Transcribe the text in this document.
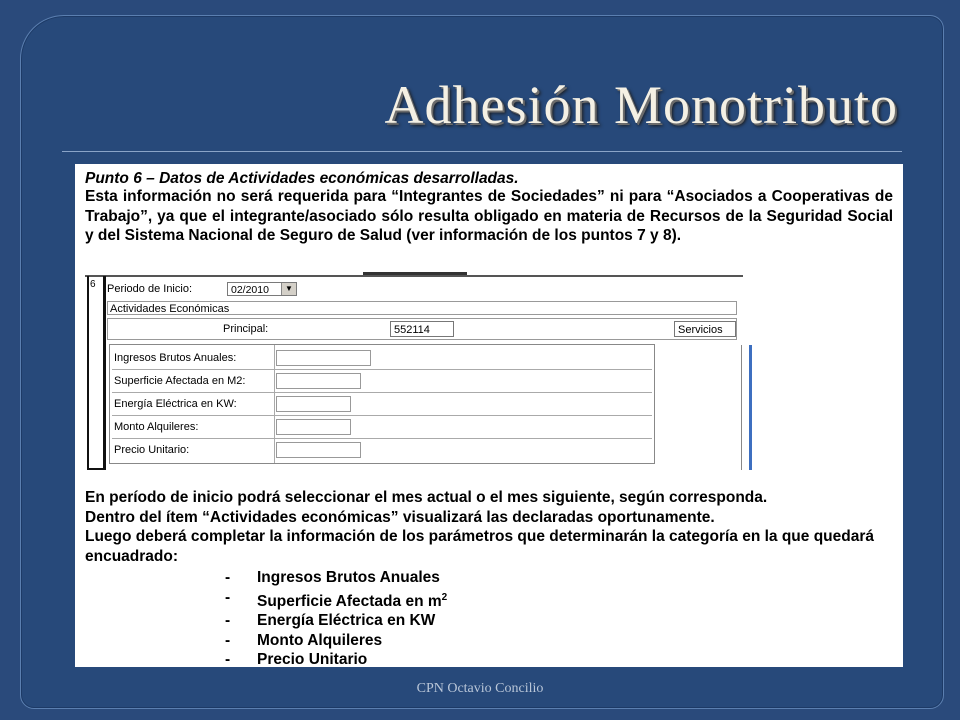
Adhesión Monotributo
Punto 6 – Datos de Actividades económicas desarrolladas.
Esta información no será requerida para “Integrantes de Sociedades” ni para “Asociados a Cooperativas de Trabajo”, ya que el integrante/asociado sólo resulta obligado en materia de Recursos de la Seguridad Social y del Sistema Nacional de Seguro de Salud (ver información de los puntos 7 y 8).
6 Periodo de Inicio:	02/2010	▼
Actividades Económicas
Principal:	552114	Servicios
Ingresos Brutos Anuales:
Superficie Afectada en M2:
Energía Eléctrica en KW:
Monto Alquileres:
Precio Unitario:
En período de inicio podrá seleccionar el mes actual o el mes siguiente, según corresponda.
Dentro del ítem “Actividades económicas” visualizará las declaradas oportunamente.
Luego deberá completar la información de los parámetros que determinarán la categoría en la que quedará encuadrado:
- Ingresos Brutos Anuales
- Superficie Afectada en $m^2$
- Energía Eléctrica en KW
- Monto Alquileres
- Precio Unitario
CPN Octavio Concilio
